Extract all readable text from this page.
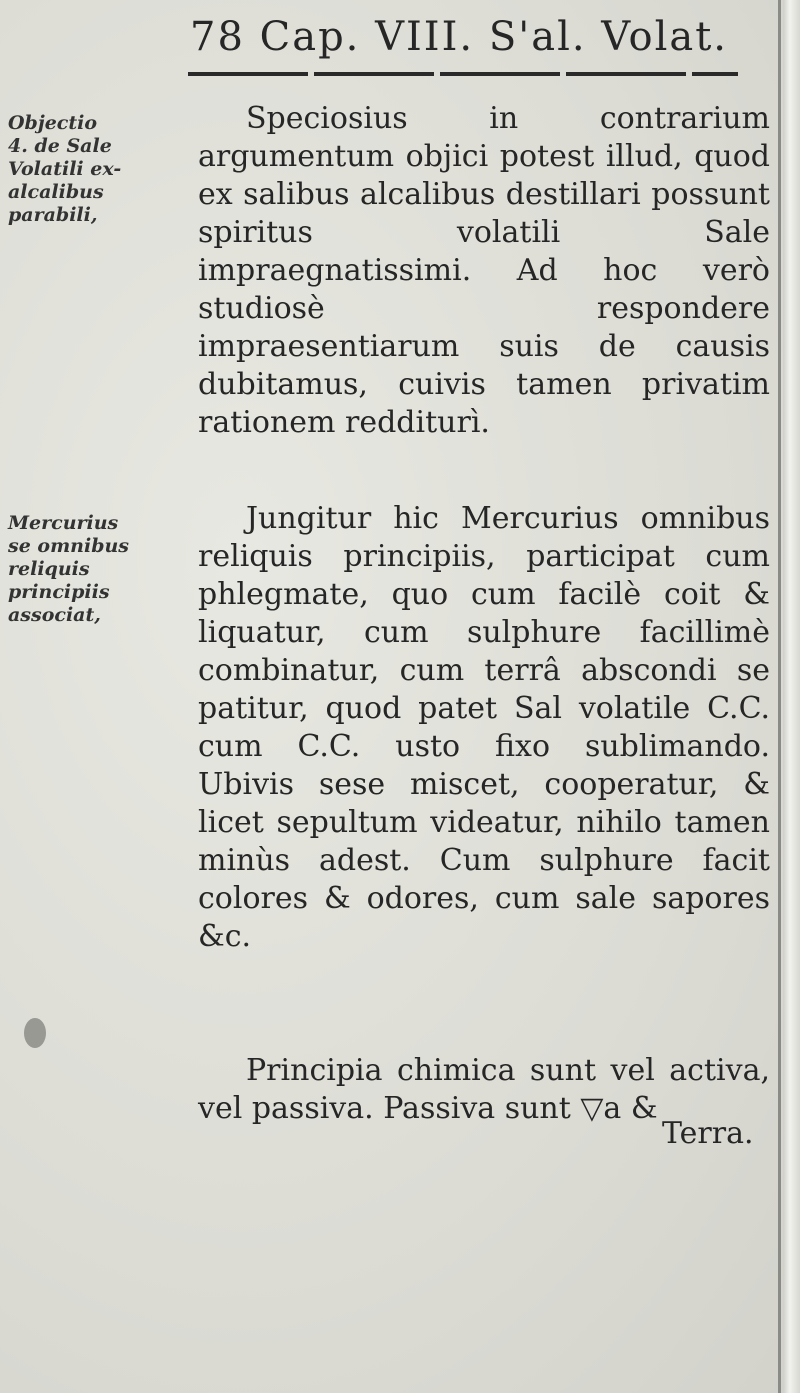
78 Cap. VIII. S'al. Volat.
Objectio
4. de Sale
Volatili ex-
alcalibus
parabili,
Mercurius
se omnibus
reliquis
principiis
associat,

Speciosius in contrarium argumentum objici potest illud, quod ex salibus alcalibus destillari possunt spiritus volatili Sale impraegnatissimi. Ad hoc verò studiosè respondere impraesentiarum suis de causis dubitamus, cuivis tamen privatim rationem redditurì.

Jungitur hic Mercurius omnibus reliquis principiis, participat cum phlegmate, quo cum facilè coit & liquatur, cum sulphure facillimè combinatur, cum terrâ abscondi se patitur, quod patet Sal volatile C.C. cum C.C. usto fixo sublimando. Ubivis sese miscet, cooperatur, & licet sepultum videatur, nihilo tamen minùs adest. Cum sulphure facit colores & odores, cum sale sapores &c.

Principia chimica sunt vel activa, vel passiva. Passiva sunt ▽a &

Terra.
